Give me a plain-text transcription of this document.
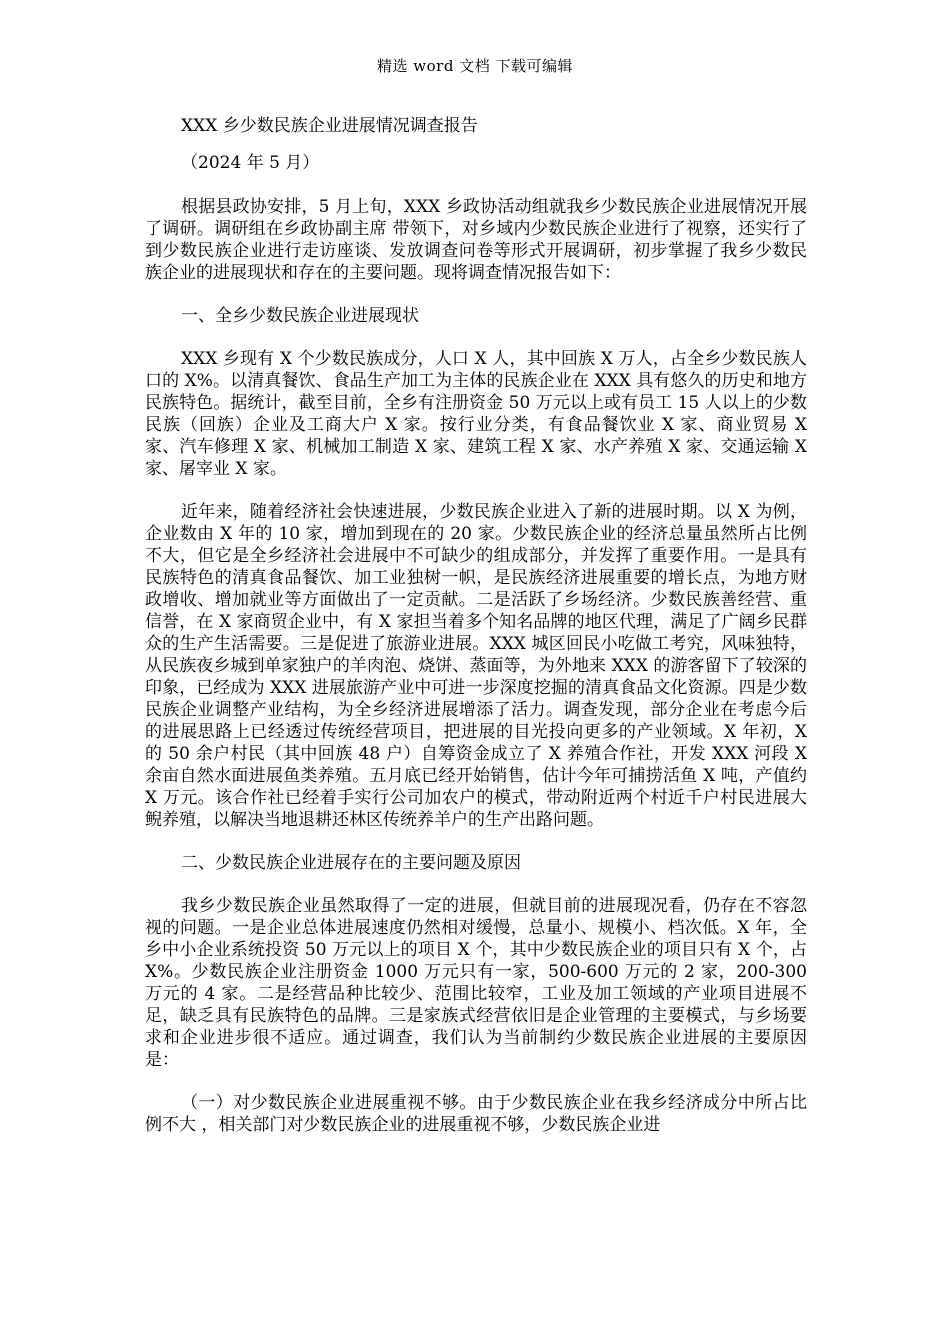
精选 word 文档 下载可编辑

XXX 乡少数民族企业进展情况调查报告

（2024 年 5 月）

根据县政协安排，5 月上旬，XXX 乡政协活动组就我乡少数民族企业进展情况开展了调研。调研组在乡政协副主席 带领下，对乡域内少数民族企业进行了视察，还实行了到少数民族企业进行走访座谈、发放调查问卷等形式开展调研，初步掌握了我乡少数民族企业的进展现状和存在的主要问题。现将调查情况报告如下：

一、全乡少数民族企业进展现状

XXX 乡现有 X 个少数民族成分，人口 X 人，其中回族 X 万人，占全乡少数民族人口的 X%。以清真餐饮、食品生产加工为主体的民族企业在 XXX 具有悠久的历史和地方民族特色。据统计，截至目前，全乡有注册资金 50 万元以上或有员工 15 人以上的少数民族（回族）企业及工商大户 X 家。按行业分类，有食品餐饮业 X 家、商业贸易 X 家、汽车修理 X 家、机械加工制造 X 家、建筑工程 X 家、水产养殖 X 家、交通运输 X 家、屠宰业 X 家。

近年来，随着经济社会快速进展，少数民族企业进入了新的进展时期。以 X 为例，企业数由 X 年的 10 家，增加到现在的 20 家。少数民族企业的经济总量虽然所占比例不大，但它是全乡经济社会进展中不可缺少的组成部分，并发挥了重要作用。一是具有民族特色的清真食品餐饮、加工业独树一帜，是民族经济进展重要的增长点，为地方财政增收、增加就业等方面做出了一定贡献。二是活跃了乡场经济。少数民族善经营、重信誉，在 X 家商贸企业中，有 X 家担当着多个知名品牌的地区代理，满足了广阔乡民群众的生产生活需要。三是促进了旅游业进展。XXX 城区回民小吃做工考究，风味独特，从民族夜乡城到单家独户的羊肉泡、烧饼、蒸面等，为外地来 XXX 的游客留下了较深的印象，已经成为 XXX 进展旅游产业中可进一步深度挖掘的清真食品文化资源。四是少数民族企业调整产业结构，为全乡经济进展增添了活力。调查发现，部分企业在考虑今后的进展思路上已经透过传统经营项目，把进展的目光投向更多的产业领域。X 年初，X 的 50 余户村民（其中回族 48 户）自筹资金成立了 X 养殖合作社，开发 XXX 河段 X 余亩自然水面进展鱼类养殖。五月底已经开始销售，估计今年可捕捞活鱼 X 吨，产值约 X 万元。该合作社已经着手实行公司加农户的模式，带动附近两个村近千户村民进展大鲵养殖，以解决当地退耕还林区传统养羊户的生产出路问题。

二、少数民族企业进展存在的主要问题及原因

我乡少数民族企业虽然取得了一定的进展，但就目前的进展现况看，仍存在不容忽视的问题。一是企业总体进展速度仍然相对缓慢，总量小、规模小、档次低。X 年，全乡中小企业系统投资 50 万元以上的项目 X 个，其中少数民族企业的项目只有 X 个，占 X%。少数民族企业注册资金 1000 万元只有一家，500-600 万元的 2 家，200-300 万元的 4 家。二是经营品种比较少、范围比较窄，工业及加工领域的产业项目进展不足，缺乏具有民族特色的品牌。三是家族式经营依旧是企业管理的主要模式，与乡场要求和企业进步很不适应。通过调查，我们认为当前制约少数民族企业进展的主要原因是：

（一）对少数民族企业进展重视不够。由于少数民族企业在我乡经济成分中所占比例不大 ，相关部门对少数民族企业的进展重视不够，少数民族企业进
